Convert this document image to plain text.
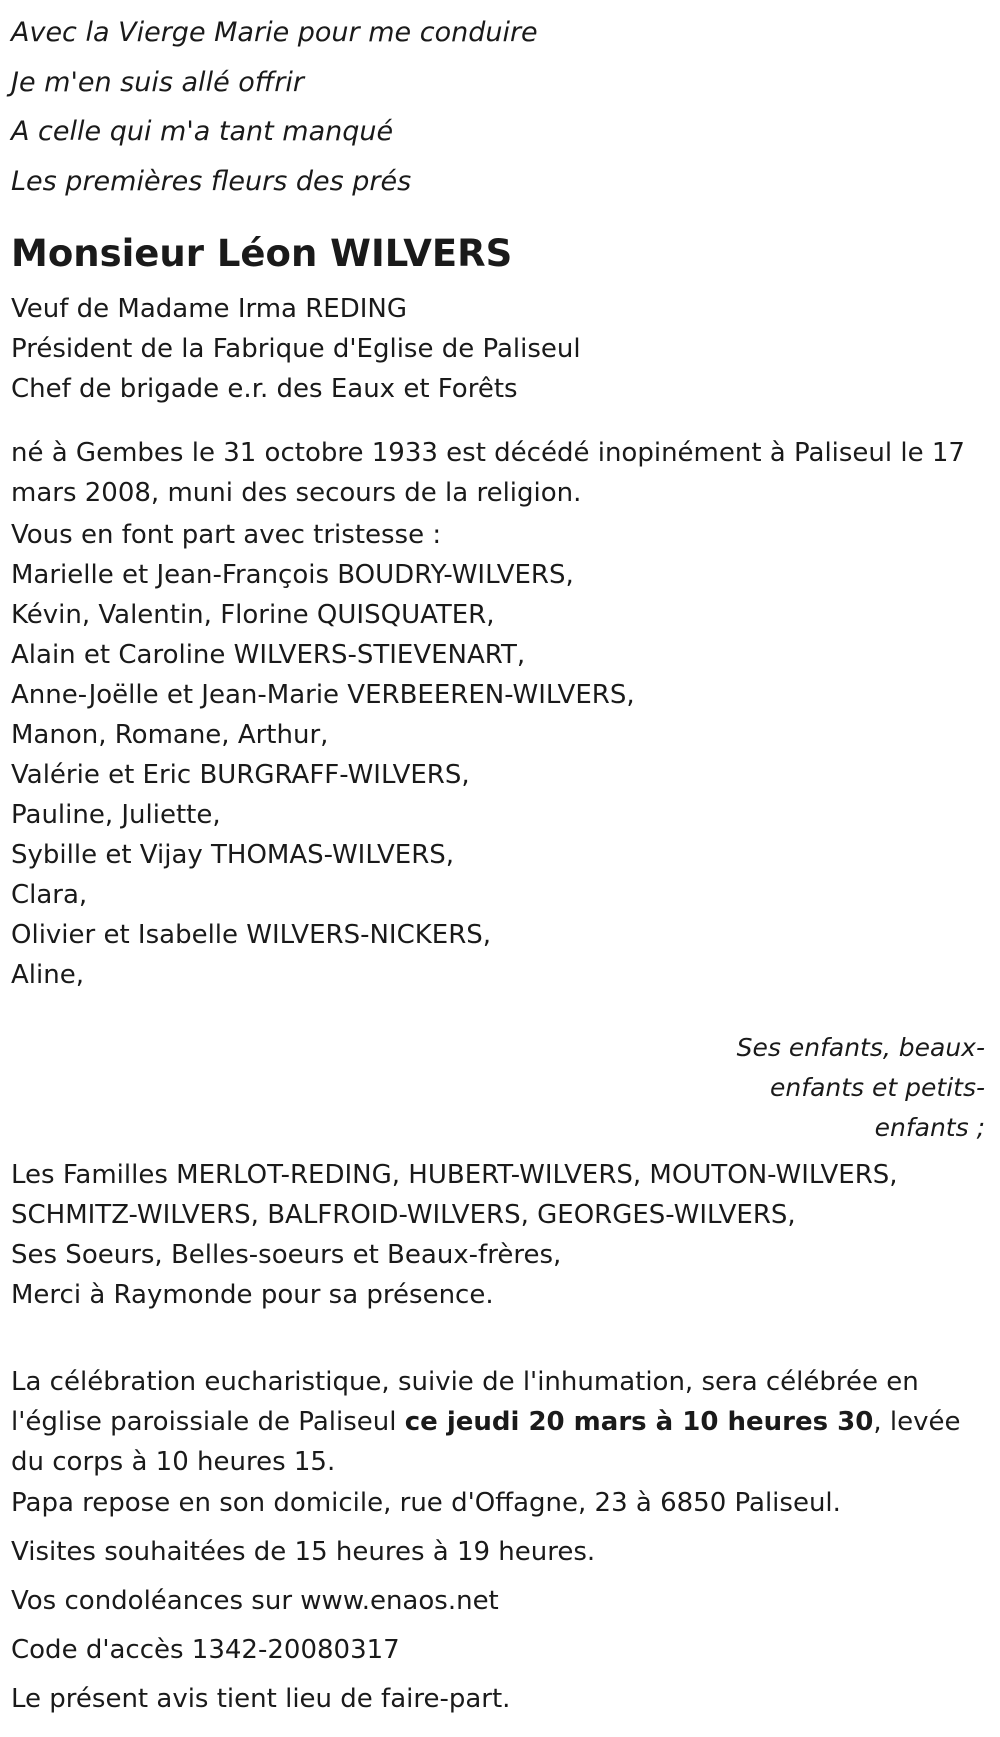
Avec la Vierge Marie pour me conduire
Je m'en suis allé offrir
A celle qui m'a tant manqué
Les premières fleurs des prés
Monsieur Léon WILVERS
Veuf de Madame Irma REDING
Président de la Fabrique d'Eglise de Paliseul
Chef de brigade e.r. des Eaux et Forêts

né à Gembes le 31 octobre 1933 est décédé inopinément à Paliseul le 17 mars 2008, muni des secours de la religion.

Vous en font part avec tristesse :
Marielle et Jean-François BOUDRY-WILVERS,
Kévin, Valentin, Florine QUISQUATER,
Alain et Caroline WILVERS-STIEVENART,
Anne-Joëlle et Jean-Marie VERBEEREN-WILVERS,
Manon, Romane, Arthur,
Valérie et Eric BURGRAFF-WILVERS,
Pauline, Juliette,
Sybille et Vijay THOMAS-WILVERS,
Clara,
Olivier et Isabelle WILVERS-NICKERS,
Aline,
Ses enfants, beaux-enfants et petits-enfants ;

Les Familles MERLOT-REDING, HUBERT-WILVERS, MOUTON-WILVERS, SCHMITZ-WILVERS, BALFROID-WILVERS, GEORGES-WILVERS,

Ses Soeurs, Belles-soeurs et Beaux-frères,
Merci à Raymonde pour sa présence.

La célébration eucharistique, suivie de l'inhumation, sera célébrée en l'église paroissiale de Paliseul ce jeudi 20 mars à 10 heures 30, levée du corps à 10 heures 15.

Papa repose en son domicile, rue d'Offagne, 23 à 6850 Paliseul.

Visites souhaitées de 15 heures à 19 heures.

Vos condoléances sur www.enaos.net

Code d'accès 1342-20080317

Le présent avis tient lieu de faire-part.
